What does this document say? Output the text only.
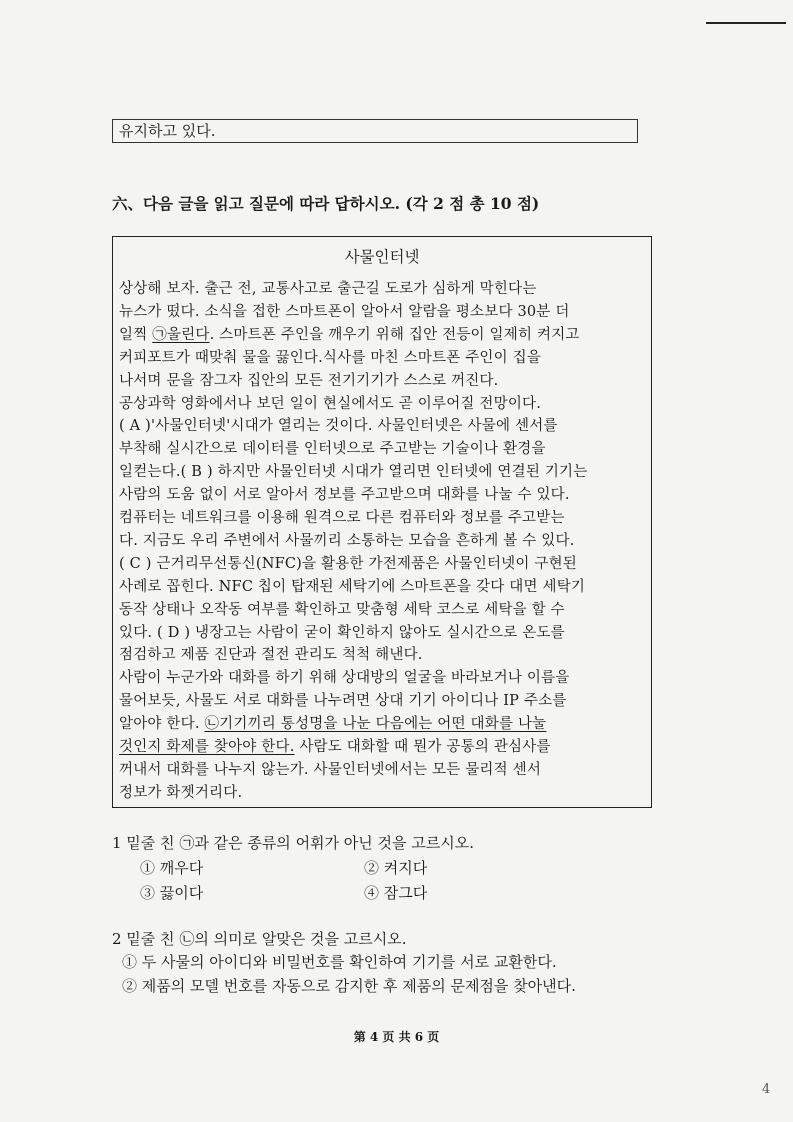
유지하고 있다.
六、다음 글을 읽고 질문에 따라 답하시오. (각 2 점 총 10 점)
사물인터넷
상상해 보자. 출근 전, 교통사고로 출근길 도로가 심하게 막힌다는
뉴스가 떴다. 소식을 접한 스마트폰이 알아서 알람을 평소보다 30분 더
일찍 ㉠울린다. 스마트폰 주인을 깨우기 위해 집안 전등이 일제히 켜지고
커피포트가 때맞춰 물을 끓인다.식사를 마친 스마트폰 주인이 집을
나서며 문을 잠그자 집안의 모든 전기기기가 스스로 꺼진다.
공상과학 영화에서나 보던 일이 현실에서도 곧 이루어질 전망이다.
( A )'사물인터넷'시대가 열리는 것이다. 사물인터넷은 사물에 센서를
부착해 실시간으로 데이터를 인터넷으로 주고받는 기술이나 환경을
일컫는다.( B ) 하지만 사물인터넷 시대가 열리면 인터넷에 연결된 기기는
사람의 도움 없이 서로 알아서 정보를 주고받으며 대화를 나눌 수 있다.
컴퓨터는 네트워크를 이용해 원격으로 다른 컴퓨터와 정보를 주고받는
다. 지금도 우리 주변에서 사물끼리 소통하는 모습을 흔하게 볼 수 있다.
( C ) 근거리무선통신(NFC)을 활용한 가전제품은 사물인터넷이 구현된
사례로 꼽힌다. NFC 칩이 탑재된 세탁기에 스마트폰을 갖다 대면 세탁기
동작 상태나 오작동 여부를 확인하고 맞춤형 세탁 코스로 세탁을 할 수
있다. ( D ) 냉장고는 사람이 굳이 확인하지 않아도 실시간으로 온도를
점검하고 제품 진단과 절전 관리도 척척 해낸다.
사람이 누군가와 대화를 하기 위해 상대방의 얼굴을 바라보거나 이름을
물어보듯, 사물도 서로 대화를 나누려면 상대 기기 아이디나 IP 주소를
알아야 한다. ㉡기기끼리 통성명을 나눈 다음에는 어떤 대화를 나눌
것인지 화제를 찾아야 한다. 사람도 대화할 때 뭔가 공통의 관심사를
꺼내서 대화를 나누지 않는가. 사물인터넷에서는 모든 물리적 센서
정보가 화젯거리다.
1 밑줄 친 ㉠과 같은 종류의 어휘가 아닌 것을 고르시오.
① 깨우다	② 켜지다
③ 끓이다	④ 잠그다
2 밑줄 친 ㉡의 의미로 알맞은 것을 고르시오.
① 두 사물의 아이디와 비밀번호를 확인하여 기기를 서로 교환한다.
② 제품의 모델 번호를 자동으로 감지한 후 제품의 문제점을 찾아낸다.
第 4 页 共 6 页
4
